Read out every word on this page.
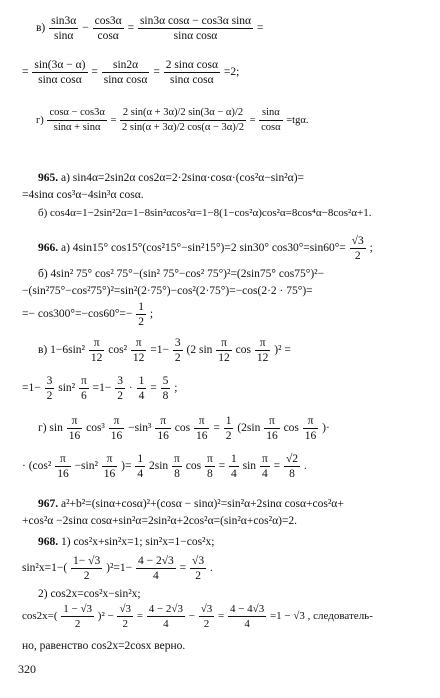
$в) \frac{\sin 3\alpha}{\sin\alpha} - \frac{\cos 3\alpha}{\cos\alpha} = \frac{\text{sin3α cosα − cos3α sinα}}{\text{sinα cosα}}$ =
= $\frac{\sin(3\alpha - \alpha)}{\text{sinα cosα}} = \frac{\sin 2\alpha}{\text{sinα cosα}} = \frac{\text{2 sinα cosα}}{\text{sinα cosα}} =2$;
$г) \frac{\cos\alpha - \cos 3\alpha}{\sin\alpha + \sin\alpha} = \frac{2 \sin(\alpha + 3\alpha)/2 \sin(3\alpha - \alpha)/2}{2 \sin(\alpha + 3\alpha)/2 \cos(\alpha - 3\alpha)/2} = \frac{\sin\alpha}{\cos\alpha} =tg\alpha$.
965. а) sin4α=2sin2α cos2α=2·2sinα·cosα·(cos²α−sin²α)=
=4sinα cos³α−4sin³α cosα.
б) cos4α=1−2sin²2α=1−8sin²αcos²α=1−8(1−cos²α)cos²α=8cos⁴α−8cos²α+1.
966. а) 4sin15° cos15°(cos²15°−sin²15°)=2 sin30° $\cos 30^\circ=\sin 60^\circ= \frac{√3}{2}$ ;
б) 4sin² 75° cos² 75°−(sin² 75°−cos² 75°)²=(2sin75° cos75°)²−
−(sin²75°−cos²75°)²=sin²(2·75°)−cos²(2·75°)=−cos(2·2 · 75°)=
=− $\cos 300^\circ=-\cos 60^\circ=- \frac{1}{2}$ ;
в) $1-6\sin^2 \frac{\pi}{12} \cos^2 \frac{\pi}{12} =1- \frac{3}{2} (2$ $\sin \frac{\pi}{12}$ $\cos \frac{\pi}{12} )^2$ =
$=1- \frac{3}{2} \sin^2 \frac{\pi}{6} =1- \frac{3}{2} \cdot \frac{1}{4} = \frac{5}{8}$ ;
г) $\sin \frac{\pi}{16} \cos^3 \frac{\pi}{16} -\sin^3 \frac{\pi}{16}$ $\cos \frac{\pi}{16} = \frac{1}{2} (2\sin \frac{\pi}{16}$ $\cos \frac{\pi}{16}$ )·
· ($\cos^2 \frac{\pi}{16} -\sin^2 \frac{\pi}{16}$ )= $\frac{1}{4} 2\sin \frac{\pi}{8}$ $\cos \frac{\pi}{8} = \frac{1}{4}$ $\sin \frac{\pi}{4} = \frac{√2}{8}$ .
967. a²+b²=(sinα+cosα)²+(cosα − sinα)²=sin²α+2sinα cosα+cos²α+
+cos²α −2sinα cosα+sin²α=2sin²α+2cos²α=(sin²α+cos²α)=2.
968. 1) cos²x+sin²x=1; sin²x=1−cos²x;
$\sin^2x=1-( \frac{1- √3}{2} )^2=1- \frac{4 - 2√3}{4} = \frac{√3}{2}$ .
2) cos2x=cos²x−sin²x;
$\cos 2x=( \frac{1 - √3}{2} )^2 - \frac{√3}{2} = \frac{4 - 2√3}{4} - \frac{√3}{2} = \frac{4 - 4√3}{4} =1 - √3$ , следователь-
но, равенство cos2x=2cosx верно.
320
